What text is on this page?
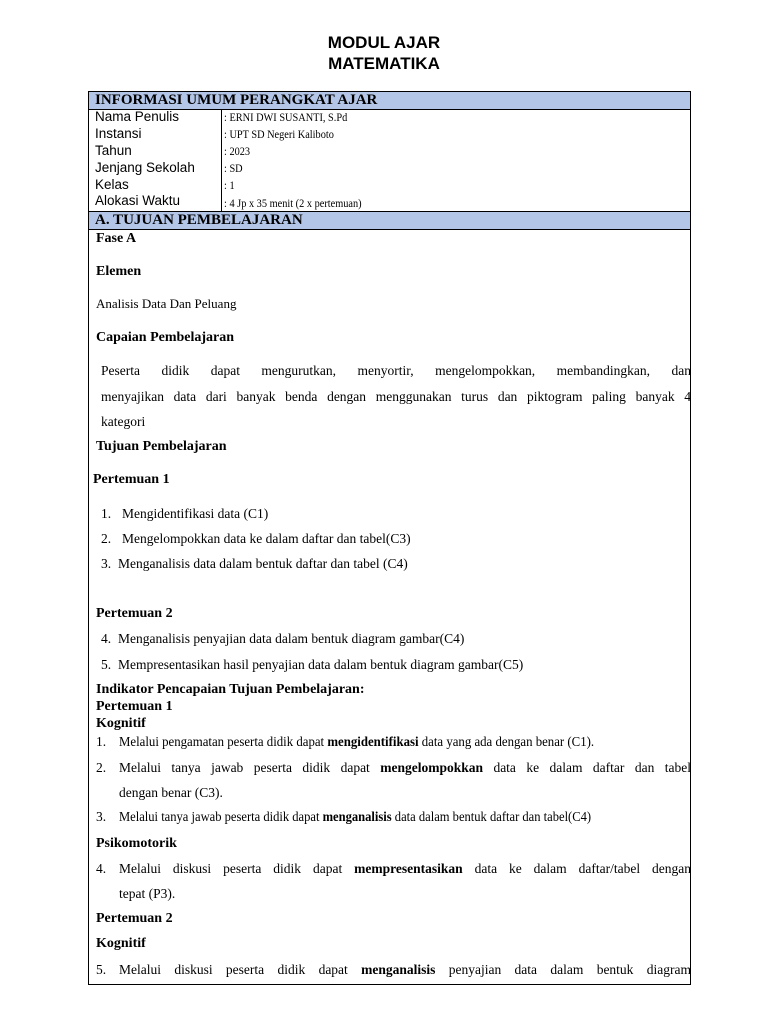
MODUL AJAR
MATEMATIKA
INFORMASI UMUM PERANGKAT AJAR
Nama Penulis	: ERNI DWI SUSANTI, S.Pd
Instansi	: UPT SD Negeri Kaliboto
Tahun	: 2023
Jenjang Sekolah : SD
Kelas	: 1
Alokasi Waktu	: 4 Jp x 35 menit (2 x pertemuan)
A. TUJUAN PEMBELAJARAN
Fase A
Elemen
Analisis Data Dan Peluang
Capaian Pembelajaran
Peserta didik dapat mengurutkan, menyortir, mengelompokkan, membandingkan, dan
menyajikan data dari banyak benda dengan menggunakan turus dan piktogram paling banyak 4
kategori
Tujuan Pembelajaran
Pertemuan 1
1. Mengidentifikasi data (C1)
2. Mengelompokkan data ke dalam daftar dan tabel(C3)
3. Menganalisis data dalam bentuk daftar dan tabel (C4)
Pertemuan 2
4. Menganalisis penyajian data dalam bentuk diagram gambar(C4)
5. Mempresentasikan hasil penyajian data dalam bentuk diagram gambar(C5)
Indikator Pencapaian Tujuan Pembelajaran:
Pertemuan 1
Kognitif
1. Melalui pengamatan peserta didik dapat mengidentifikasi data yang ada dengan benar (C1).
2. Melalui tanya jawab peserta didik dapat mengelompokkan data ke dalam daftar dan tabel
dengan benar (C3).
3. Melalui tanya jawab peserta didik dapat menganalisis data dalam bentuk daftar dan tabel(C4)
Psikomotorik
4. Melalui diskusi peserta didik dapat mempresentasikan data ke dalam daftar/tabel dengan
tepat (P3).
Pertemuan 2
Kognitif
5. Melalui diskusi peserta didik dapat menganalisis penyajian data dalam bentuk diagram
